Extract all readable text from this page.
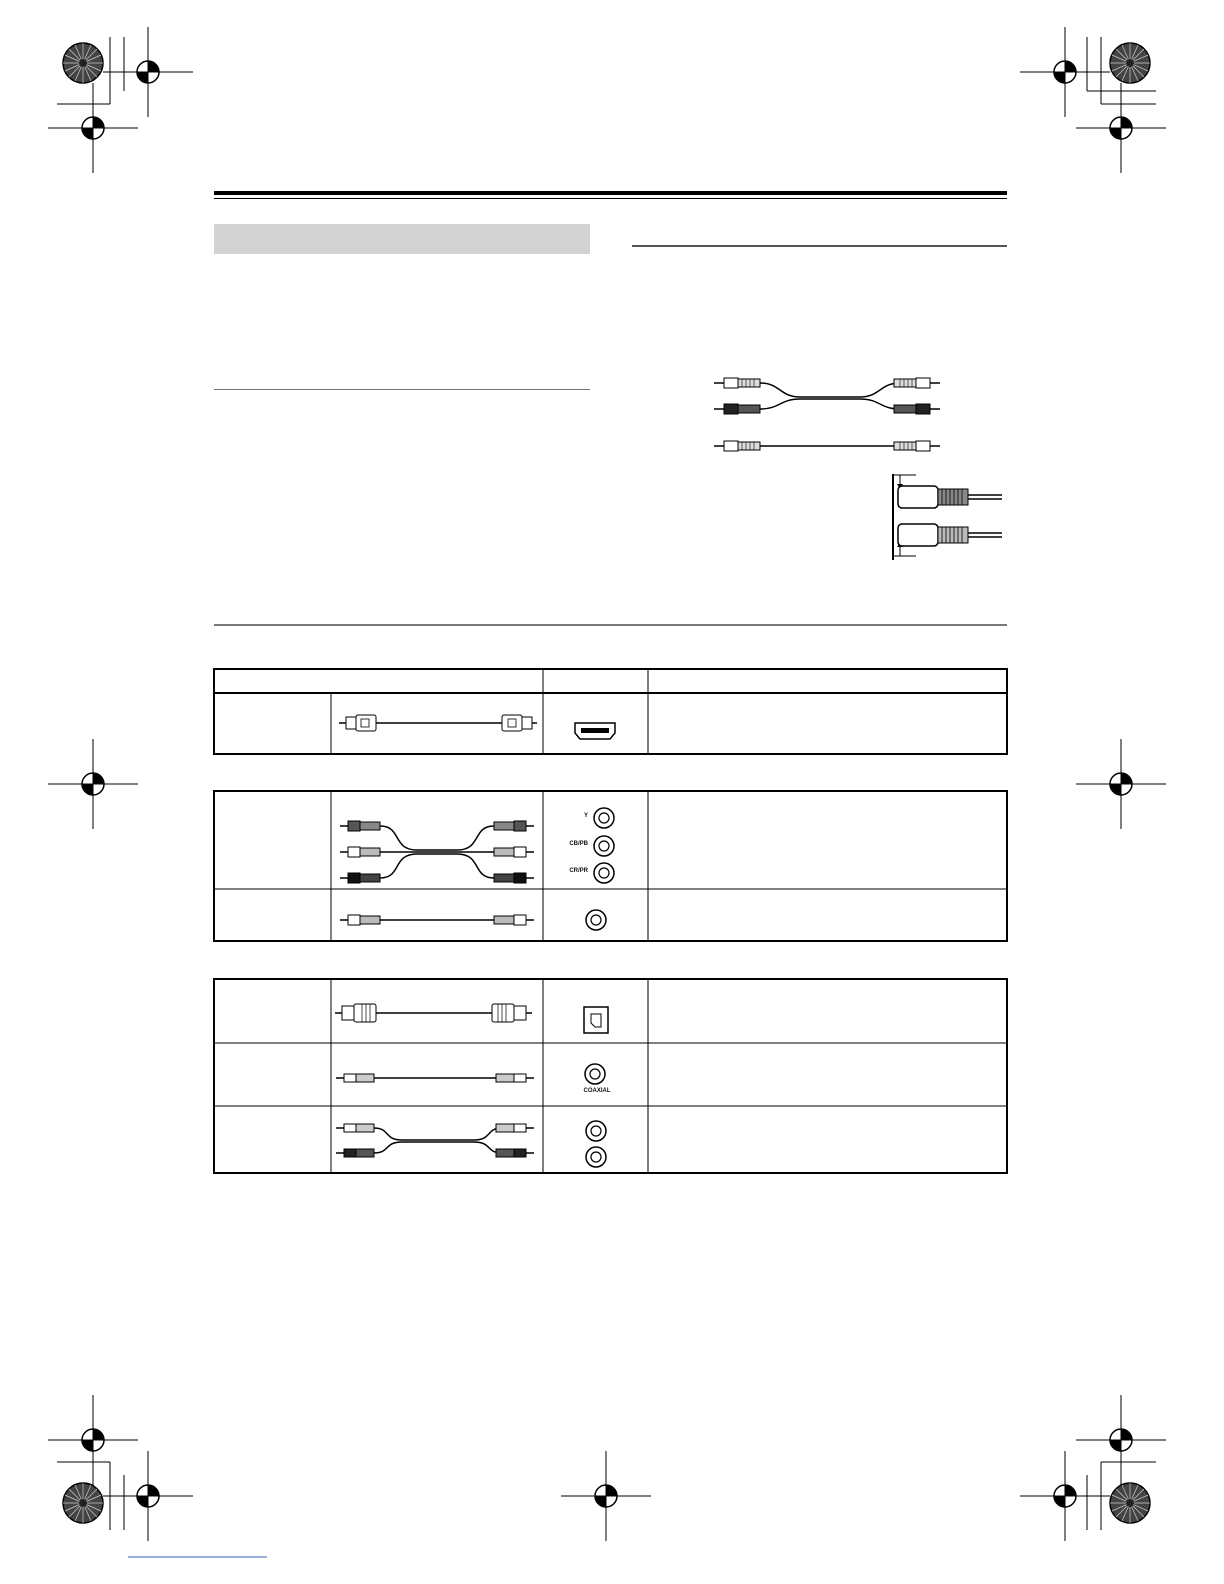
Y
CB/PB
CR/PR
COAXIAL
